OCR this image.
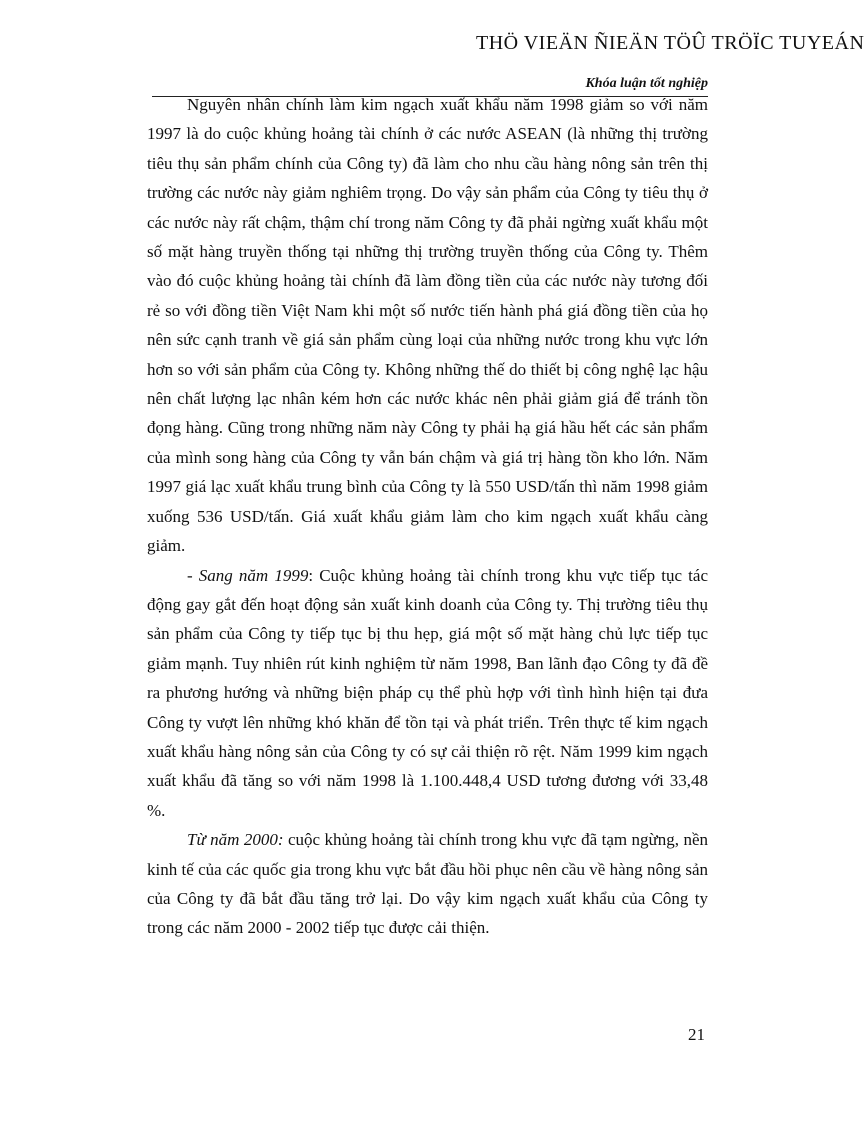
THÖ VIEÄN ÑIEÄN TÖÛ TRÖÏC TUYEÁN
Khóa luận tốt nghiệp

Nguyên nhân chính làm kim ngạch xuất khẩu năm 1998 giảm so với năm 1997 là do cuộc khủng hoảng tài chính ở các nước ASEAN (là những thị trường tiêu thụ sản phẩm chính của Công ty) đã làm cho nhu cầu hàng nông sản trên thị trường các nước này giảm nghiêm trọng. Do vậy sản phẩm của Công ty tiêu thụ ở các nước này rất chậm, thậm chí trong năm Công ty đã phải ngừng xuất khẩu một số mặt hàng truyền thống tại những thị trường truyền thống của Công ty. Thêm vào đó cuộc khủng hoảng tài chính đã làm đồng tiền của các nước này tương đối rẻ so với đồng tiền Việt Nam khi một số nước tiến hành phá giá đồng tiền của họ nên sức cạnh tranh về giá sản phẩm cùng loại của những nước trong khu vực lớn hơn so với sản phẩm của Công ty. Không những thế do thiết bị công nghệ lạc hậu nên chất lượng lạc nhân kém hơn các nước khác nên phải giảm giá để tránh tồn đọng hàng. Cũng trong những năm này Công ty phải hạ giá hầu hết các sản phẩm của mình song hàng của Công ty vẫn bán chậm và giá trị hàng tồn kho lớn. Năm 1997 giá lạc xuất khẩu trung bình của Công ty là 550 USD/tấn thì năm 1998 giảm xuống 536 USD/tấn. Giá xuất khẩu giảm làm cho kim ngạch xuất khẩu càng giảm.

- Sang năm 1999: Cuộc khủng hoảng tài chính trong khu vực tiếp tục tác động gay gắt đến hoạt động sản xuất kinh doanh của Công ty. Thị trường tiêu thụ sản phẩm của Công ty tiếp tục bị thu hẹp, giá một số mặt hàng chủ lực tiếp tục giảm mạnh. Tuy nhiên rút kinh nghiệm từ năm 1998, Ban lãnh đạo Công ty đã đề ra phương hướng và những biện pháp cụ thể phù hợp với tình hình hiện tại đưa Công ty vượt lên những khó khăn để tồn tại và phát triển. Trên thực tế kim ngạch xuất khẩu hàng nông sản của Công ty có sự cải thiện rõ rệt. Năm 1999 kim ngạch xuất khẩu đã tăng so với năm 1998 là 1.100.448,4 USD tương đương với 33,48 %.

Từ năm 2000: cuộc khủng hoảng tài chính trong khu vực đã tạm ngừng, nền kinh tế của các quốc gia trong khu vực bắt đầu hồi phục nên cầu về hàng nông sản của Công ty đã bắt đầu tăng trở lại. Do vậy kim ngạch xuất khẩu của Công ty trong các năm 2000 - 2002 tiếp tục được cải thiện.

21
